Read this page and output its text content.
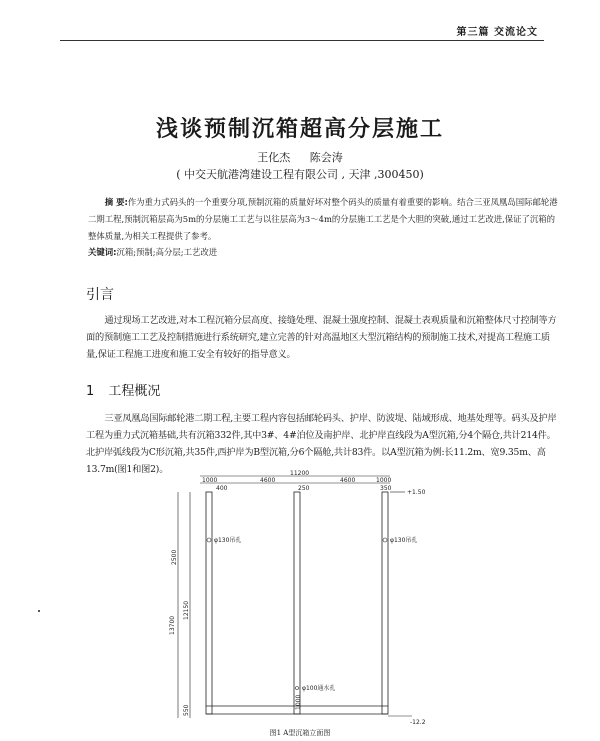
第三篇 交流论文
浅谈预制沉箱超高分层施工
王化杰 陈会涛
( 中交天航港湾建设工程有限公司 , 天津 ,300450)
摘 要:作为重力式码头的一个重要分项,预制沉箱的质量好坏对整个码头的质量有着重要的影响。结合三亚凤凰岛国际邮轮港二期工程,预制沉箱层高为5m的分层施工工艺与以往层高为3～4m的分层施工工艺是个大胆的突破,通过工艺改进,保证了沉箱的整体质量,为相关工程提供了参考。
关键词:沉箱;预制;高分层;工艺改进
引言
通过现场工艺改进,对本工程沉箱分层高度、接缝处理、混凝土强度控制、混凝土表观质量和沉箱整体尺寸控制等方面的预制施工工艺及控制措施进行系统研究,建立完善的针对高温地区大型沉箱结构的预制施工技术,对提高工程施工质量,保证工程施工进度和施工安全有较好的指导意义。
1 工程概况
三亚凤凰岛国际邮轮港二期工程,主要工程内容包括邮轮码头、护岸、防波堤、陆域形成、地基处理等。码头及护岸工程为重力式沉箱基础,共有沉箱332件,其中3#、4#泊位及南护岸、北护岸直线段为A型沉箱,分4个隔仓,共计214件。北护岸弧线段为C形沉箱,共35件,西护岸为B型沉箱,分6个隔舱,共计83件。以A型沉箱为例:长11.2m、宽9.35m、高13.7m(图1和图2)。	11200
1000	4600	4600	1000
400	250	350
+1.50
2500
13700
12150
1000
550
φ130吊孔	φ130吊孔
φ100通水孔
-12.2
图1 A型沉箱立面图
